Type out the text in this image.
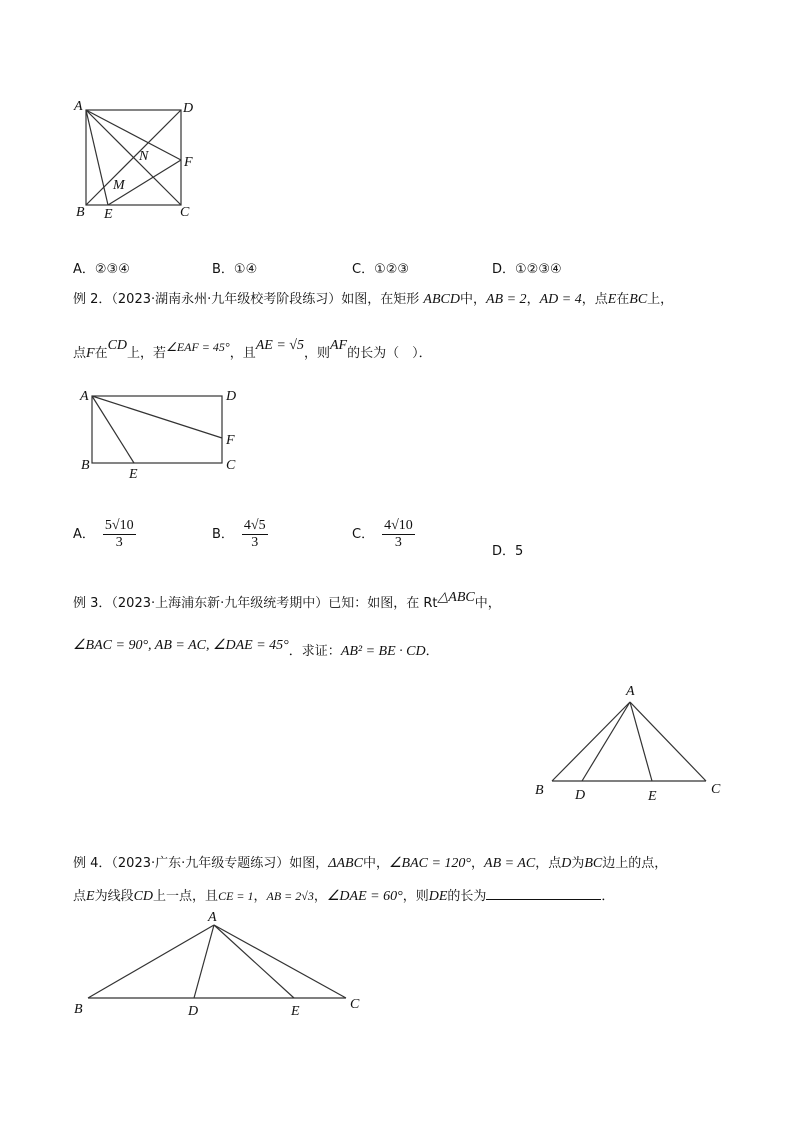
A	D
N	F
M
B E	C
A．②③④	B．①④	C．①②③	D．①②③④
例 2．（2023·湖南永州·九年级校考阶段练习）如图，在矩形 ABCD中，AB = 2，AD = 4，点E在BC上，
点F在CD上，若∠EAF = 45°，且AE = √5，则AF的长为（　）．
A	D
F
B
E
C
A． $\frac{5√10}{3}$	B． $\frac{4√5}{3}$	C． $\frac{4√10}{3}$
D．5
例 3．（2023·上海浦东新·九年级统考期中）已知：如图，在 Rt△ABC中，
∠BAC = 90°, AB = AC, ∠DAE = 45°．求证：AB² = BE · CD．
A
B D	E	C
例 4．（2023·广东·九年级专题练习）如图，ΔABC中，∠BAC = 120°，AB = AC，点D为BC边上的点，
点E为线段CD上一点，且CE = 1，AB = 2√3，∠DAE = 60°，则DE的长为	．
A
B	D	E	C
